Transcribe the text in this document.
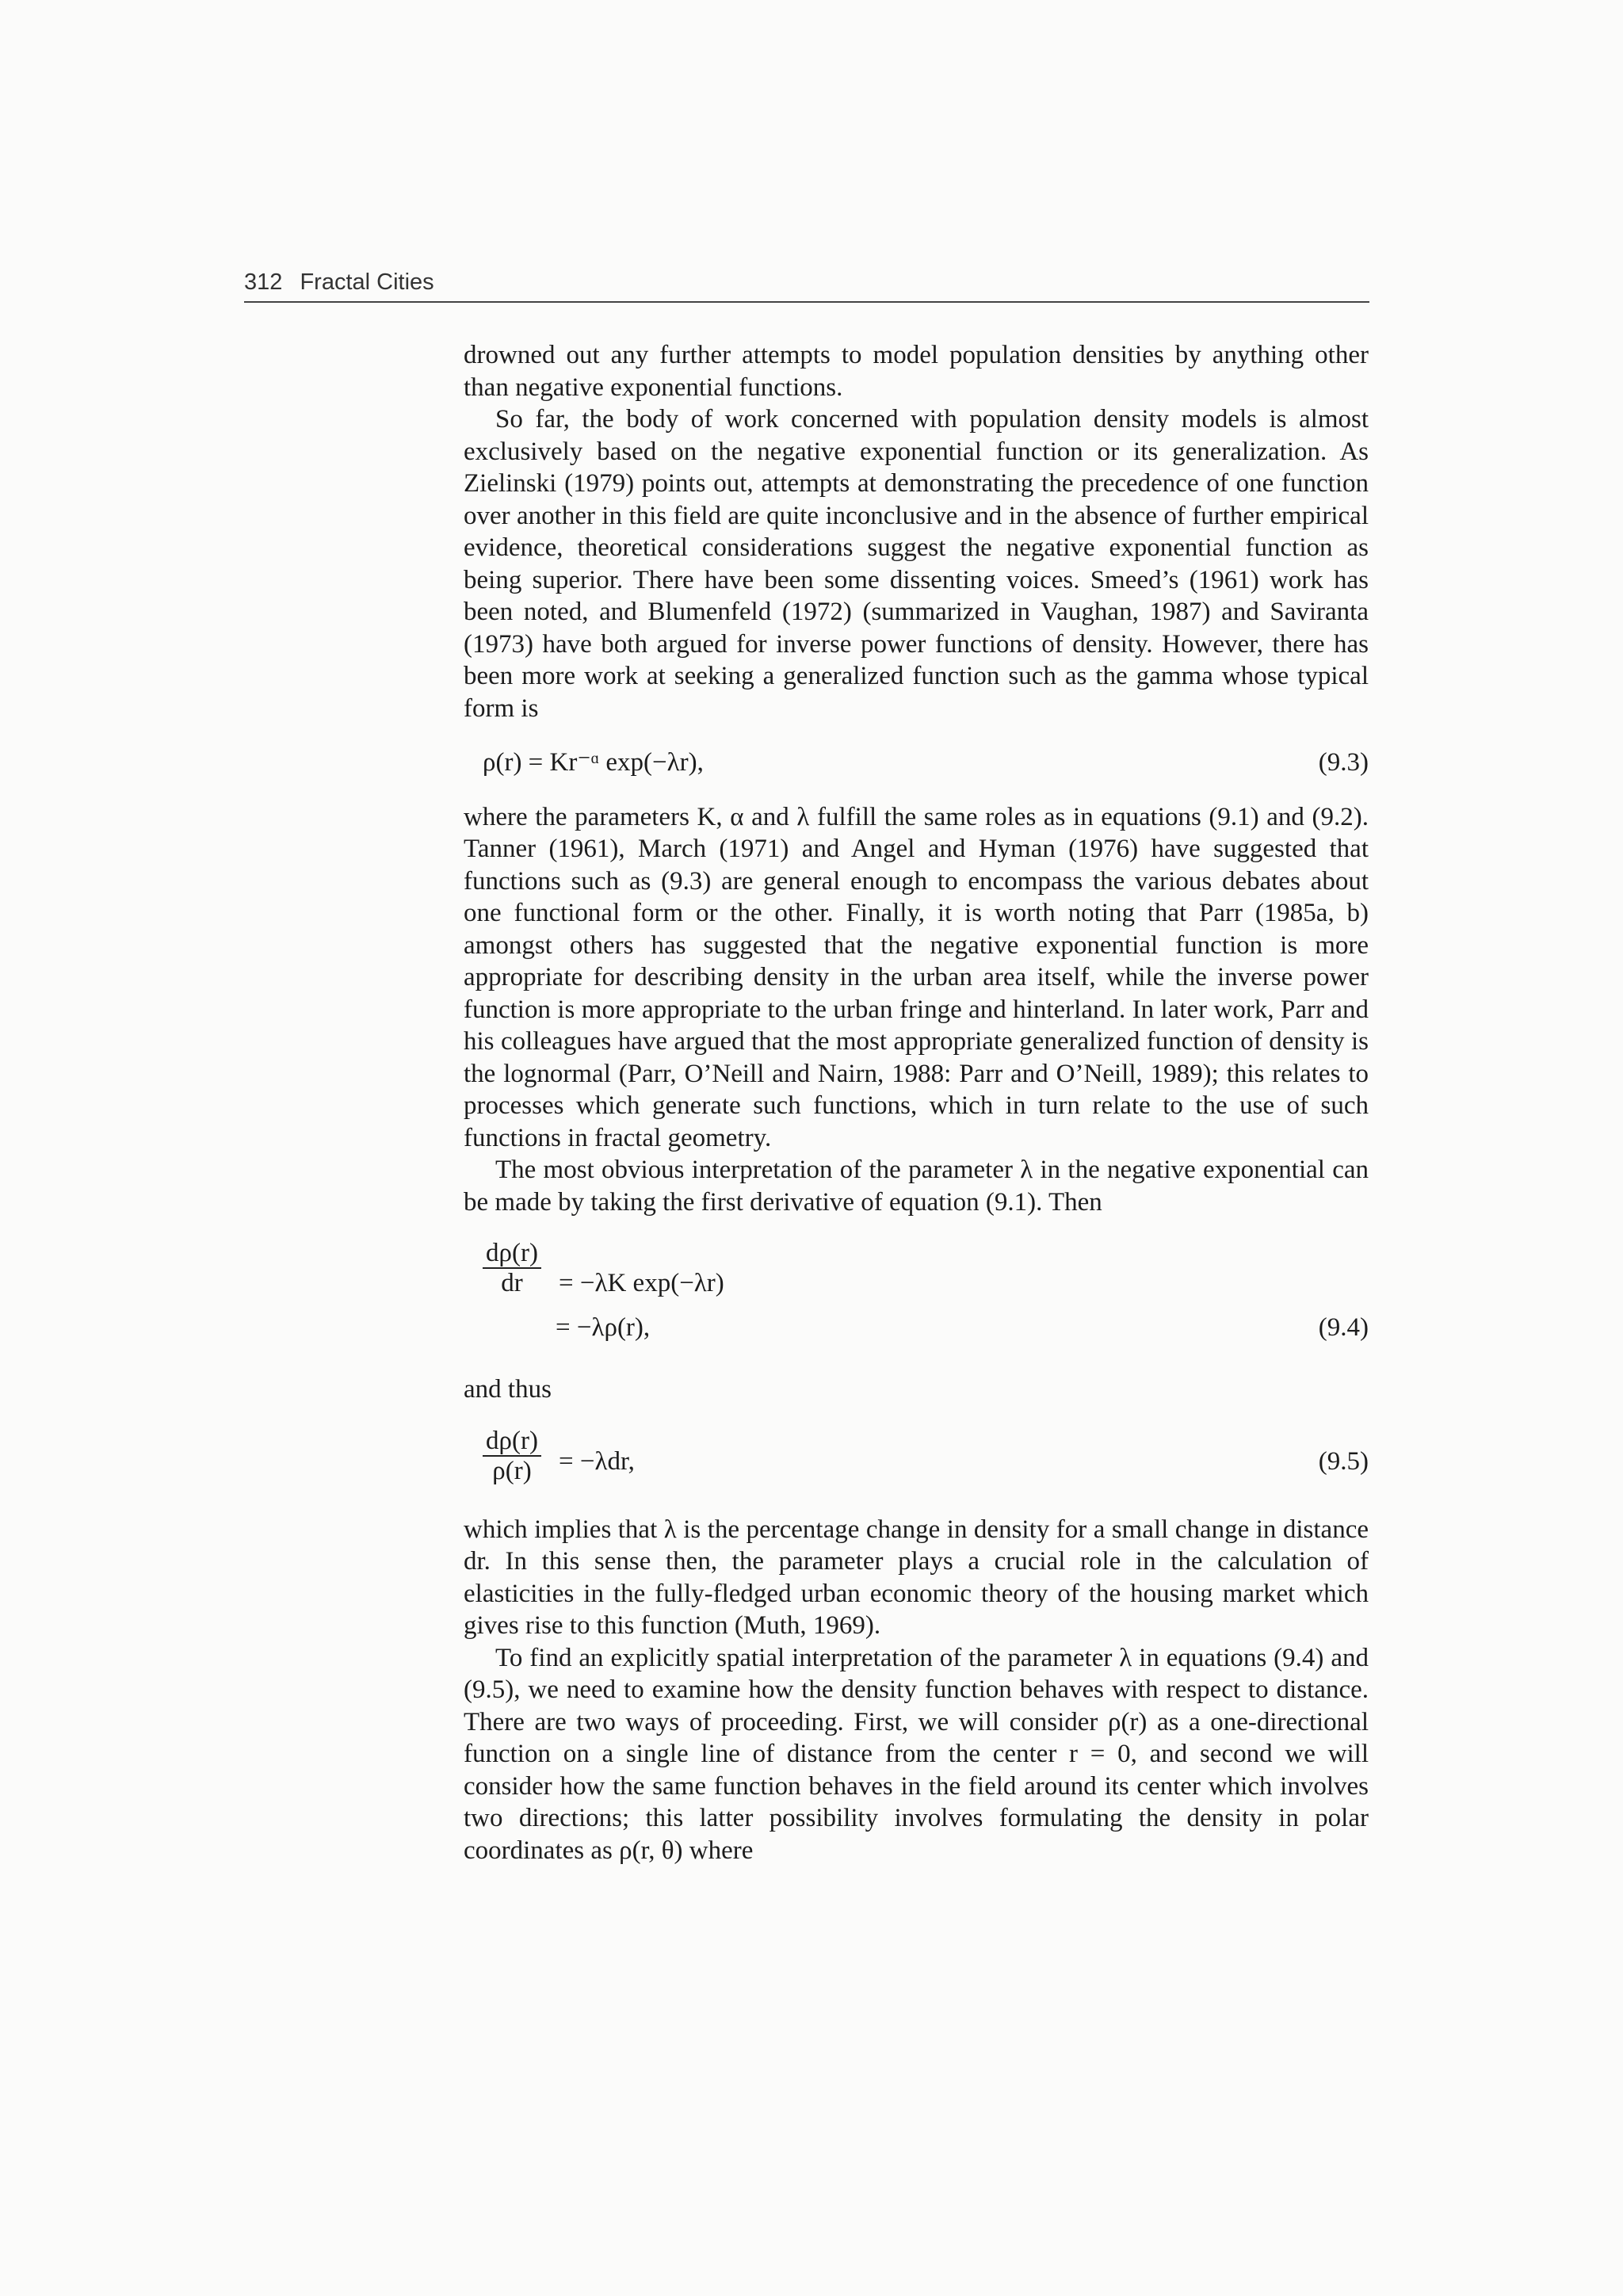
312 Fractal Cities

drowned out any further attempts to model population densities by anything other than negative exponential functions.

So far, the body of work concerned with population density models is almost exclusively based on the negative exponential function or its generalization. As Zielinski (1979) points out, attempts at demonstrating the precedence of one function over another in this field are quite inconclusive and in the absence of further empirical evidence, theoretical considerations suggest the negative exponential function as being superior. There have been some dissenting voices. Smeed’s (1961) work has been noted, and Blumenfeld (1972) (summarized in Vaughan, 1987) and Saviranta (1973) have both argued for inverse power functions of density. However, there has been more work at seeking a generalized function such as the gamma whose typical form is

ρ(r) = Kr⁻ᵅ exp(−λr),	(9.3)

where the parameters K, α and λ fulfill the same roles as in equations (9.1) and (9.2). Tanner (1961), March (1971) and Angel and Hyman (1976) have suggested that functions such as (9.3) are general enough to encompass the various debates about one functional form or the other. Finally, it is worth noting that Parr (1985a, b) amongst others has suggested that the negative exponential function is more appropriate for describing density in the urban area itself, while the inverse power function is more appropriate to the urban fringe and hinterland. In later work, Parr and his colleagues have argued that the most appropriate generalized function of density is the lognormal (Parr, O’Neill and Nairn, 1988: Parr and O’Neill, 1989); this relates to processes which generate such functions, which in turn relate to the use of such functions in fractal geometry.

The most obvious interpretation of the parameter λ in the negative exponential can be made by taking the first derivative of equation (9.1). Then

$\frac{d\rho(r)}{dr} = -\lambda K$ exp(−λr)
= −λρ(r),	(9.4)

and thus

$\frac{d\rho(r)}{\rho(r)} = -\lambda dr$,	(9.5)

which implies that λ is the percentage change in density for a small change in distance dr. In this sense then, the parameter plays a crucial role in the calculation of elasticities in the fully-fledged urban economic theory of the housing market which gives rise to this function (Muth, 1969).

To find an explicitly spatial interpretation of the parameter λ in equations (9.4) and (9.5), we need to examine how the density function behaves with respect to distance. There are two ways of proceeding. First, we will consider ρ(r) as a one-directional function on a single line of distance from the center r = 0, and second we will consider how the same function behaves in the field around its center which involves two directions; this latter possibility involves formulating the density in polar coordinates as ρ(r, θ) where
